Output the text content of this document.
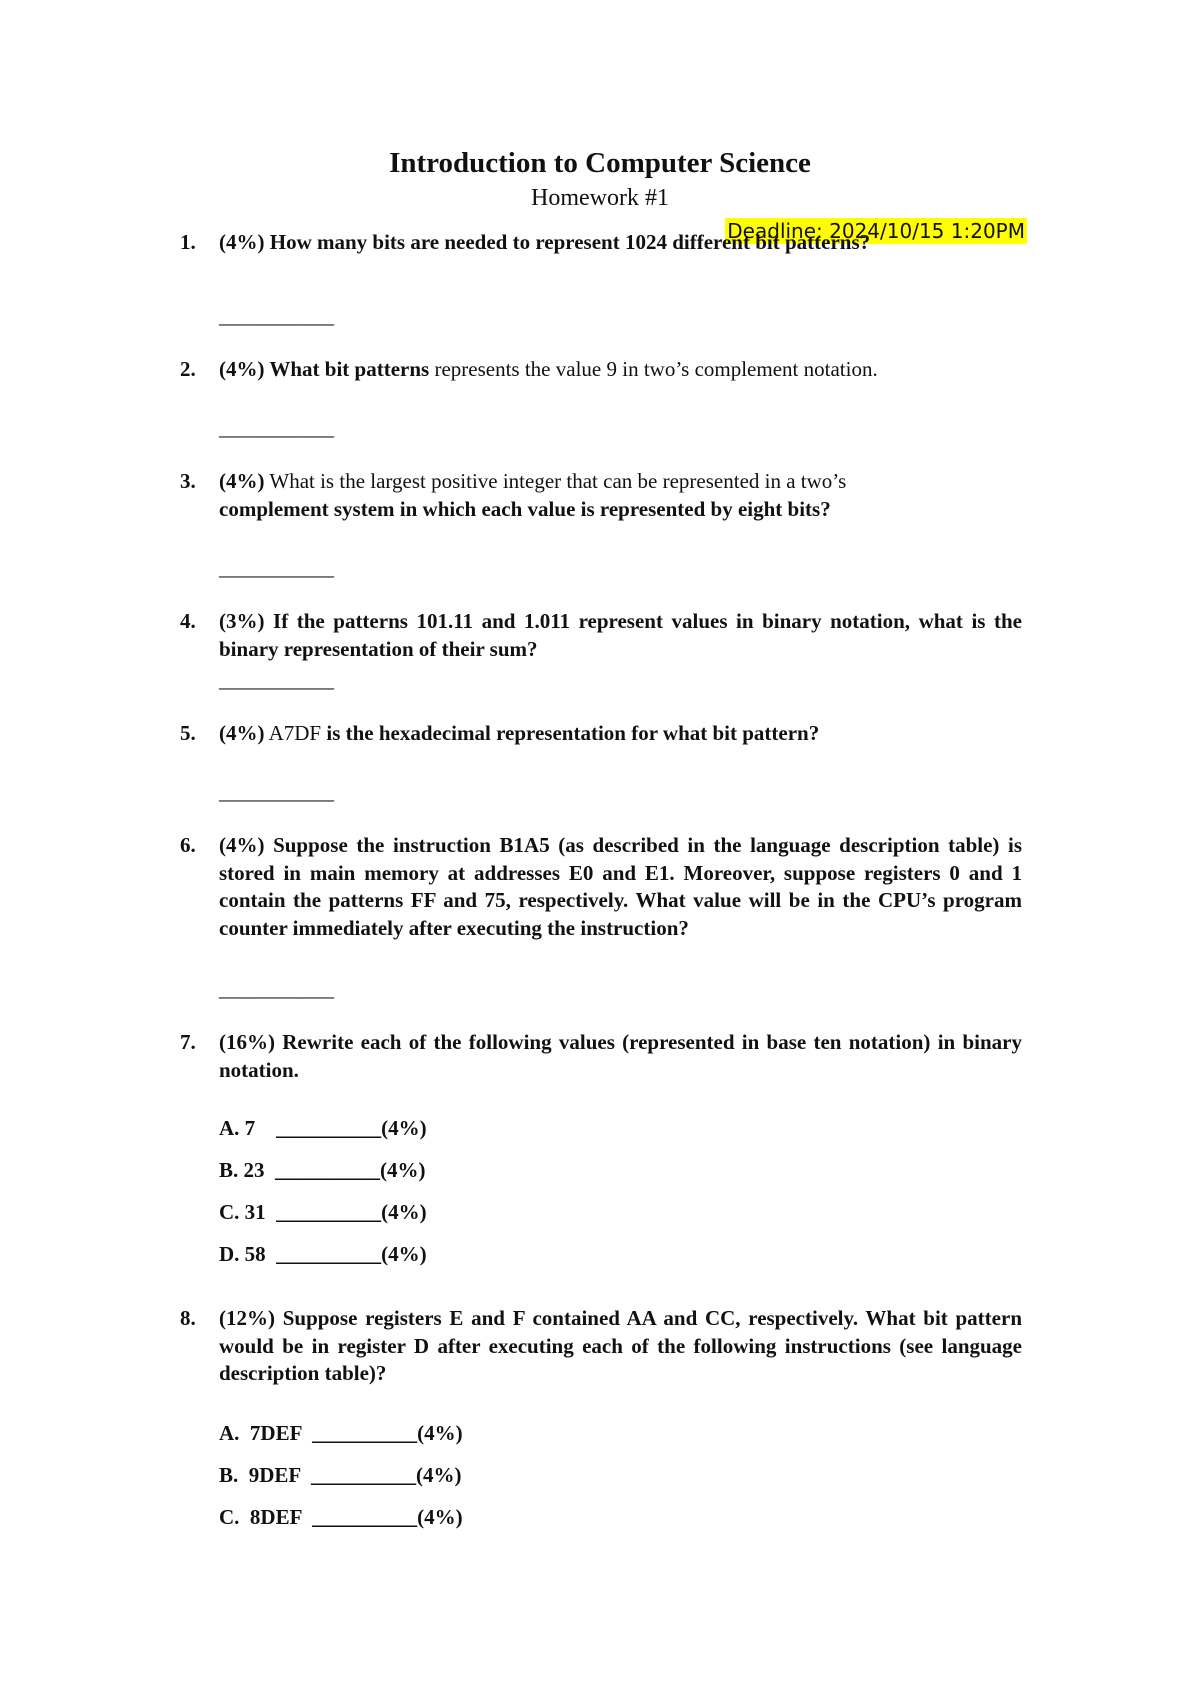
Introduction to Computer Science
Homework #1
Deadline: 2024/10/15 1:20PM
1. (4%) How many bits are needed to represent 1024 different bit patterns?
____________
2. (4%) What bit patterns represents the value 9 in two’s complement notation.
____________
3. (4%) What is the largest positive integer that can be represented in a two’s
complement system in which each value is represented by eight bits?
____________
4. (3%) If the patterns 101.11 and 1.011 represent values in binary notation, what is the binary representation of their sum?
____________
5. (4%) A7DF is the hexadecimal representation for what bit pattern?
____________
6. (4%) Suppose the instruction B1A5 (as described in the language description table) is stored in main memory at addresses E0 and E1. Moreover, suppose registers 0 and 1 contain the patterns FF and 75, respectively. What value will be in the CPU’s program counter immediately after executing the instruction?
____________
7. (16%) Rewrite each of the following values (represented in base ten notation) in binary notation.
A. 7    __________(4%)
B. 23  __________(4%)
C. 31  __________(4%)
D. 58  __________(4%)
8. (12%) Suppose registers E and F contained AA and CC, respectively. What bit pattern would be in register D after executing each of the following instructions (see language description table)?
A.  7DEF  __________(4%)
B.  9DEF  __________(4%)
C.  8DEF  __________(4%)
